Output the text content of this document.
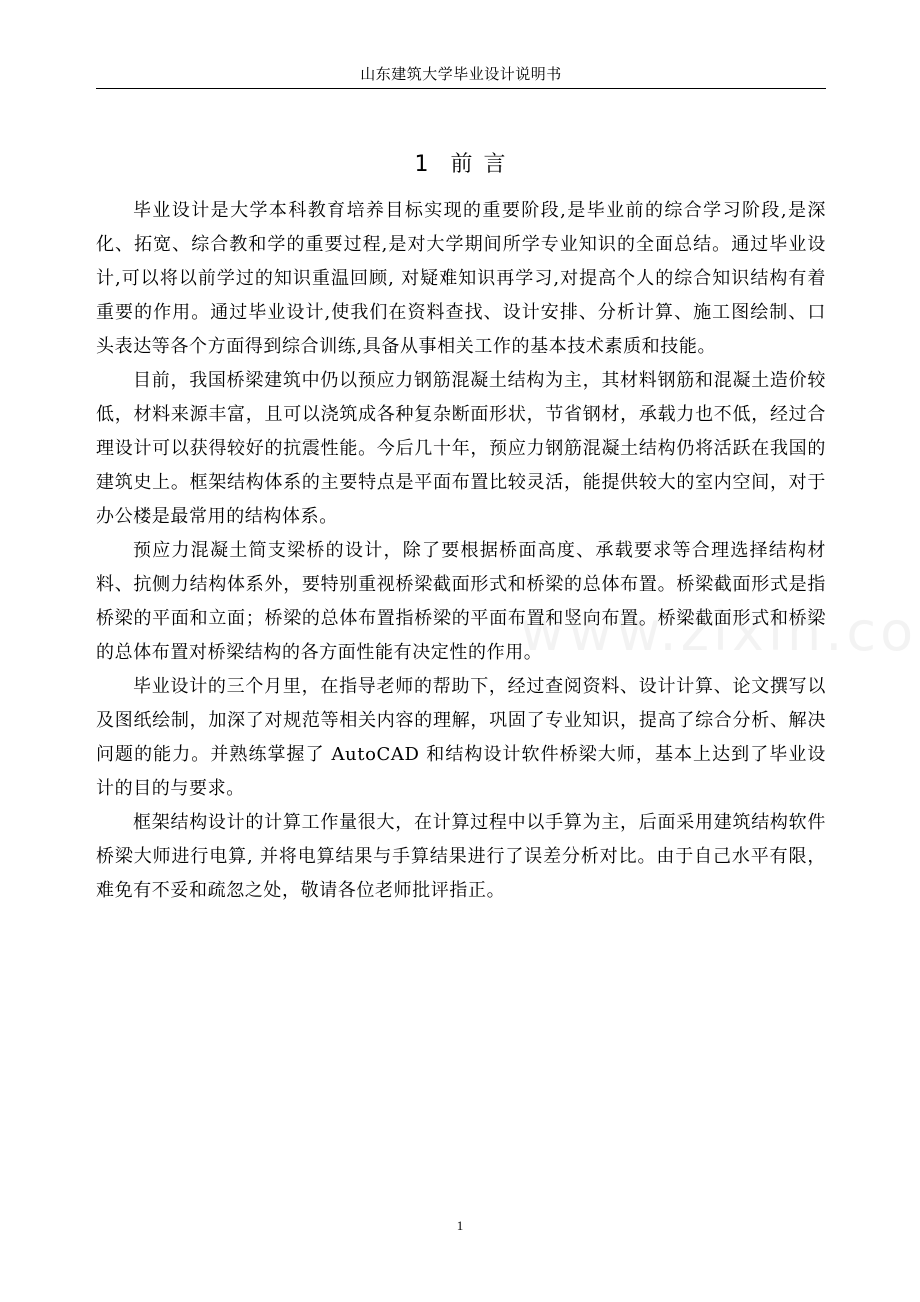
山东建筑大学毕业设计说明书
1 前 言

毕业设计是大学本科教育培养目标实现的重要阶段,是毕业前的综合学习阶段,是深化、拓宽、综合教和学的重要过程,是对大学期间所学专业知识的全面总结。通过毕业设计,可以将以前学过的知识重温回顾, 对疑难知识再学习,对提高个人的综合知识结构有着重要的作用。通过毕业设计,使我们在资料查找、设计安排、分析计算、施工图绘制、口头表达等各个方面得到综合训练,具备从事相关工作的基本技术素质和技能。

目前，我国桥梁建筑中仍以预应力钢筋混凝土结构为主，其材料钢筋和混凝土造价较低，材料来源丰富，且可以浇筑成各种复杂断面形状，节省钢材，承载力也不低，经过合理设计可以获得较好的抗震性能。今后几十年，预应力钢筋混凝土结构仍将活跃在我国的建筑史上。框架结构体系的主要特点是平面布置比较灵活，能提供较大的室内空间，对于办公楼是最常用的结构体系。

预应力混凝土简支梁桥的设计，除了要根据桥面高度、承载要求等合理选择结构材料、抗侧力结构体系外，要特别重视桥梁截面形式和桥梁的总体布置。桥梁截面形式是指桥梁的平面和立面；桥梁的总体布置指桥梁的平面布置和竖向布置。桥梁截面形式和桥梁的总体布置对桥梁结构的各方面性能有决定性的作用。

毕业设计的三个月里，在指导老师的帮助下，经过查阅资料、设计计算、论文撰写以及图纸绘制，加深了对规范等相关内容的理解，巩固了专业知识，提高了综合分析、解决问题的能力。并熟练掌握了 AutoCAD 和结构设计软件桥梁大师，基本上达到了毕业设计的目的与要求。

框架结构设计的计算工作量很大，在计算过程中以手算为主，后面采用建筑结构软件桥梁大师进行电算, 并将电算结果与手算结果进行了误差分析对比。由于自己水平有限，难免有不妥和疏忽之处，敬请各位老师批评指正。

1
